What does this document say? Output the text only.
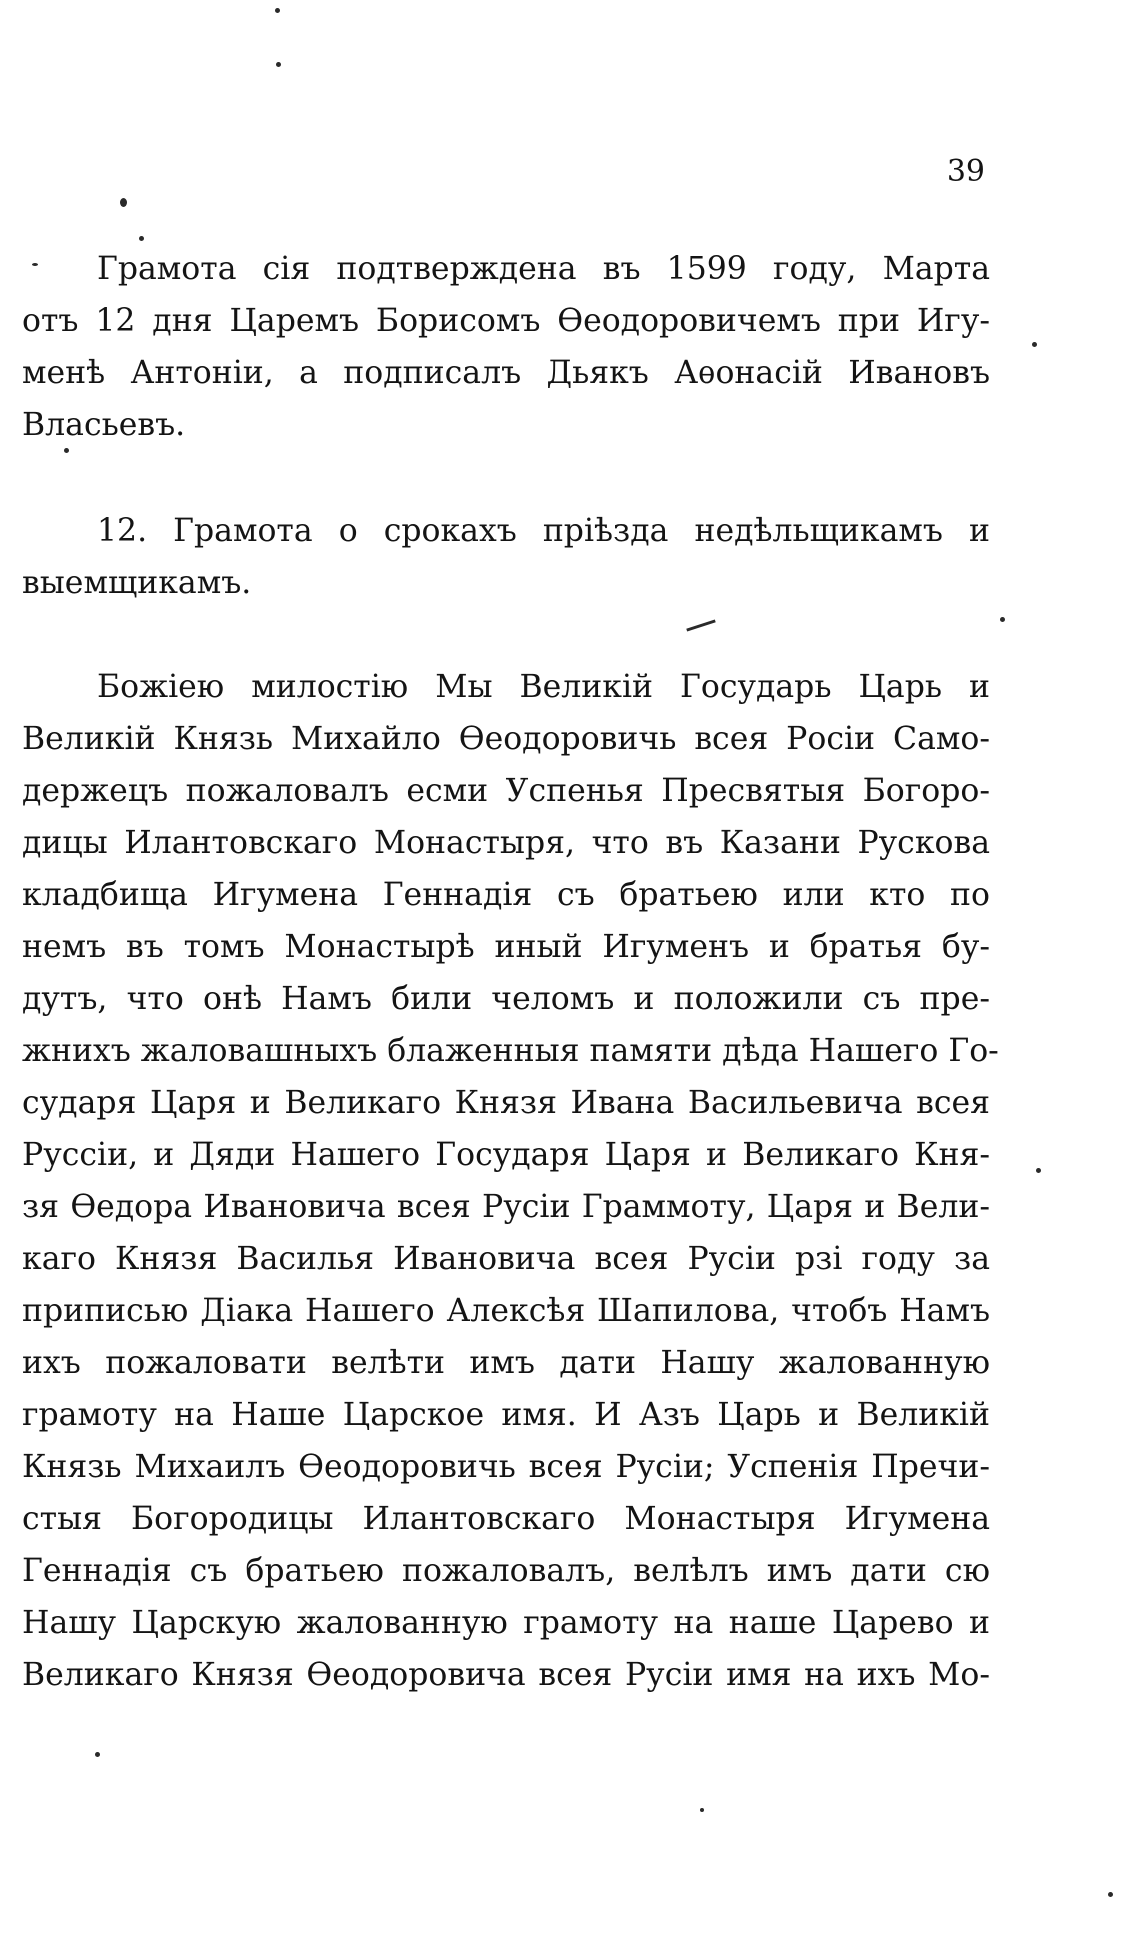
39
Грамота сія подтверждена въ 1599 году, Марта
отъ 12 дня Царемъ Борисомъ Ѳеодоровичемъ при Игу-
менѣ Антоніи, а подписалъ Дьякъ Аѳонасій Ивановъ
Власьевъ.
12. Грамота о срокахъ пріѣзда недѣльщикамъ и
выемщикамъ.
Божіею милостію Мы Великій Государь Царь и
Великій Князь Михайло Ѳеодоровичь всея Росіи Само-
держецъ пожаловалъ есми Успенья Пресвятыя Богоро-
дицы Илантовскаго Монастыря, что въ Казани Рускова
кладбища Игумена Геннадія съ братьею или кто по
немъ въ томъ Монастырѣ иный Игуменъ и братья бу-
дутъ, что онѣ Намъ били челомъ и положили съ пре-
жнихъ жаловашныхъ блаженныя памяти дѣда Нашего Го-
сударя Царя и Великаго Князя Ивана Васильевича всея
Руссіи, и Дяди Нашего Государя Царя и Великаго Кня-
зя Ѳедора Ивановича всея Русіи Граммоту, Царя и Вели-
каго Князя Василья Ивановича всея Русіи рзі году за
приписью Діака Нашего Алексѣя Шапилова, чтобъ Намъ
ихъ пожаловати велѣти имъ дати Нашу жалованную
грамоту на Наше Царское имя. И Азъ Царь и Великій
Князь Михаилъ Ѳеодоровичь всея Русіи; Успенія Пречи-
стыя Богородицы Илантовскаго Монастыря Игумена
Геннадія съ братьею пожаловалъ, велѣлъ имъ дати сю
Нашу Царскую жалованную грамоту на наше Царево и
Великаго Князя Ѳеодоровича всея Русіи имя на ихъ Мо-
